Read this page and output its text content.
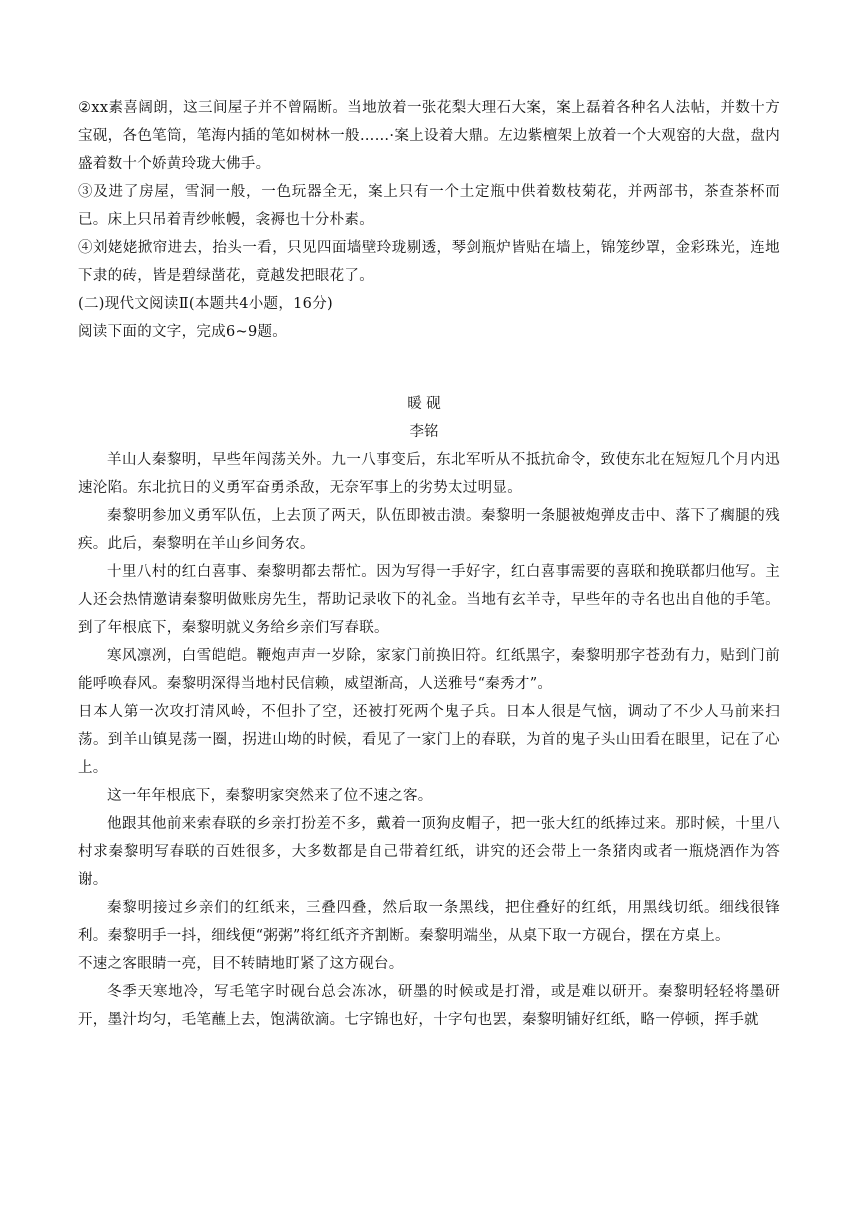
②xx素喜阔朗，这三间屋子并不曾隔断。当地放着一张花梨大理石大案，案上磊着各种名人法帖，并数十方宝砚，各色笔筒，笔海内插的笔如树林一般……·案上设着大鼎。左边紫檀架上放着一个大观窑的大盘，盘内盛着数十个娇黄玲珑大佛手。

③及进了房屋，雪洞一般，一色玩器全无，案上只有一个土定瓶中供着数枝菊花，并两部书，茶查茶杯而已。床上只吊着青纱帐幔，衾褥也十分朴素。

④刘姥姥掀帘进去，抬头一看，只见四面墙壁玲珑剔透，琴剑瓶炉皆贴在墙上，锦笼纱罩，金彩珠光，连地下隶的砖，皆是碧绿凿花，竟越发把眼花了。

(二)现代文阅读Ⅱ(本题共4小题，16分)

阅读下面的文字，完成6~9题。

暖 砚
李铭

羊山人秦黎明，早些年闯荡关外。九一八事变后，东北军听从不抵抗命令，致使东北在短短几个月内迅速沦陷。东北抗日的义勇军奋勇杀敌，无奈军事上的劣势太过明显。

秦黎明参加义勇军队伍，上去顶了两天，队伍即被击溃。秦黎明一条腿被炮弹皮击中、落下了瘸腿的残疾。此后，秦黎明在羊山乡间务农。

十里八村的红白喜事、秦黎明都去帮忙。因为写得一手好字，红白喜事需要的喜联和挽联都归他写。主人还会热情邀请秦黎明做账房先生，帮助记录收下的礼金。当地有玄羊寺，早些年的寺名也出自他的手笔。到了年根底下，秦黎明就义务给乡亲们写春联。

寒风凛冽，白雪皑皑。鞭炮声声一岁除，家家门前换旧符。红纸黑字，秦黎明那字苍劲有力，贴到门前能呼唤春风。秦黎明深得当地村民信赖，威望渐高，人送雅号“秦秀才”。

日本人第一次攻打清风岭，不但扑了空，还被打死两个鬼子兵。日本人很是气恼，调动了不少人马前来扫荡。到羊山镇晃荡一圈，拐进山坳的时候，看见了一家门上的春联，为首的鬼子头山田看在眼里，记在了心上。

这一年年根底下，秦黎明家突然来了位不速之客。

他跟其他前来索春联的乡亲打扮差不多，戴着一顶狗皮帽子，把一张大红的纸捧过来。那时候，十里八村求秦黎明写春联的百姓很多，大多数都是自己带着红纸，讲究的还会带上一条猪肉或者一瓶烧酒作为答谢。

秦黎明接过乡亲们的红纸来，三叠四叠，然后取一条黑线，把住叠好的红纸，用黑线切纸。细线很锋利。秦黎明手一抖，细线便“粥粥”将红纸齐齐割断。秦黎明端坐，从桌下取一方砚台，摆在方桌上。

不速之客眼睛一亮，目不转睛地盯紧了这方砚台。

冬季天寒地冷，写毛笔字时砚台总会冻冰，研墨的时候或是打滑，或是难以研开。秦黎明轻轻将墨研开，墨汁均匀，毛笔蘸上去，饱满欲滴。七字锦也好，十字句也罢，秦黎明铺好红纸，略一停顿，挥手就
